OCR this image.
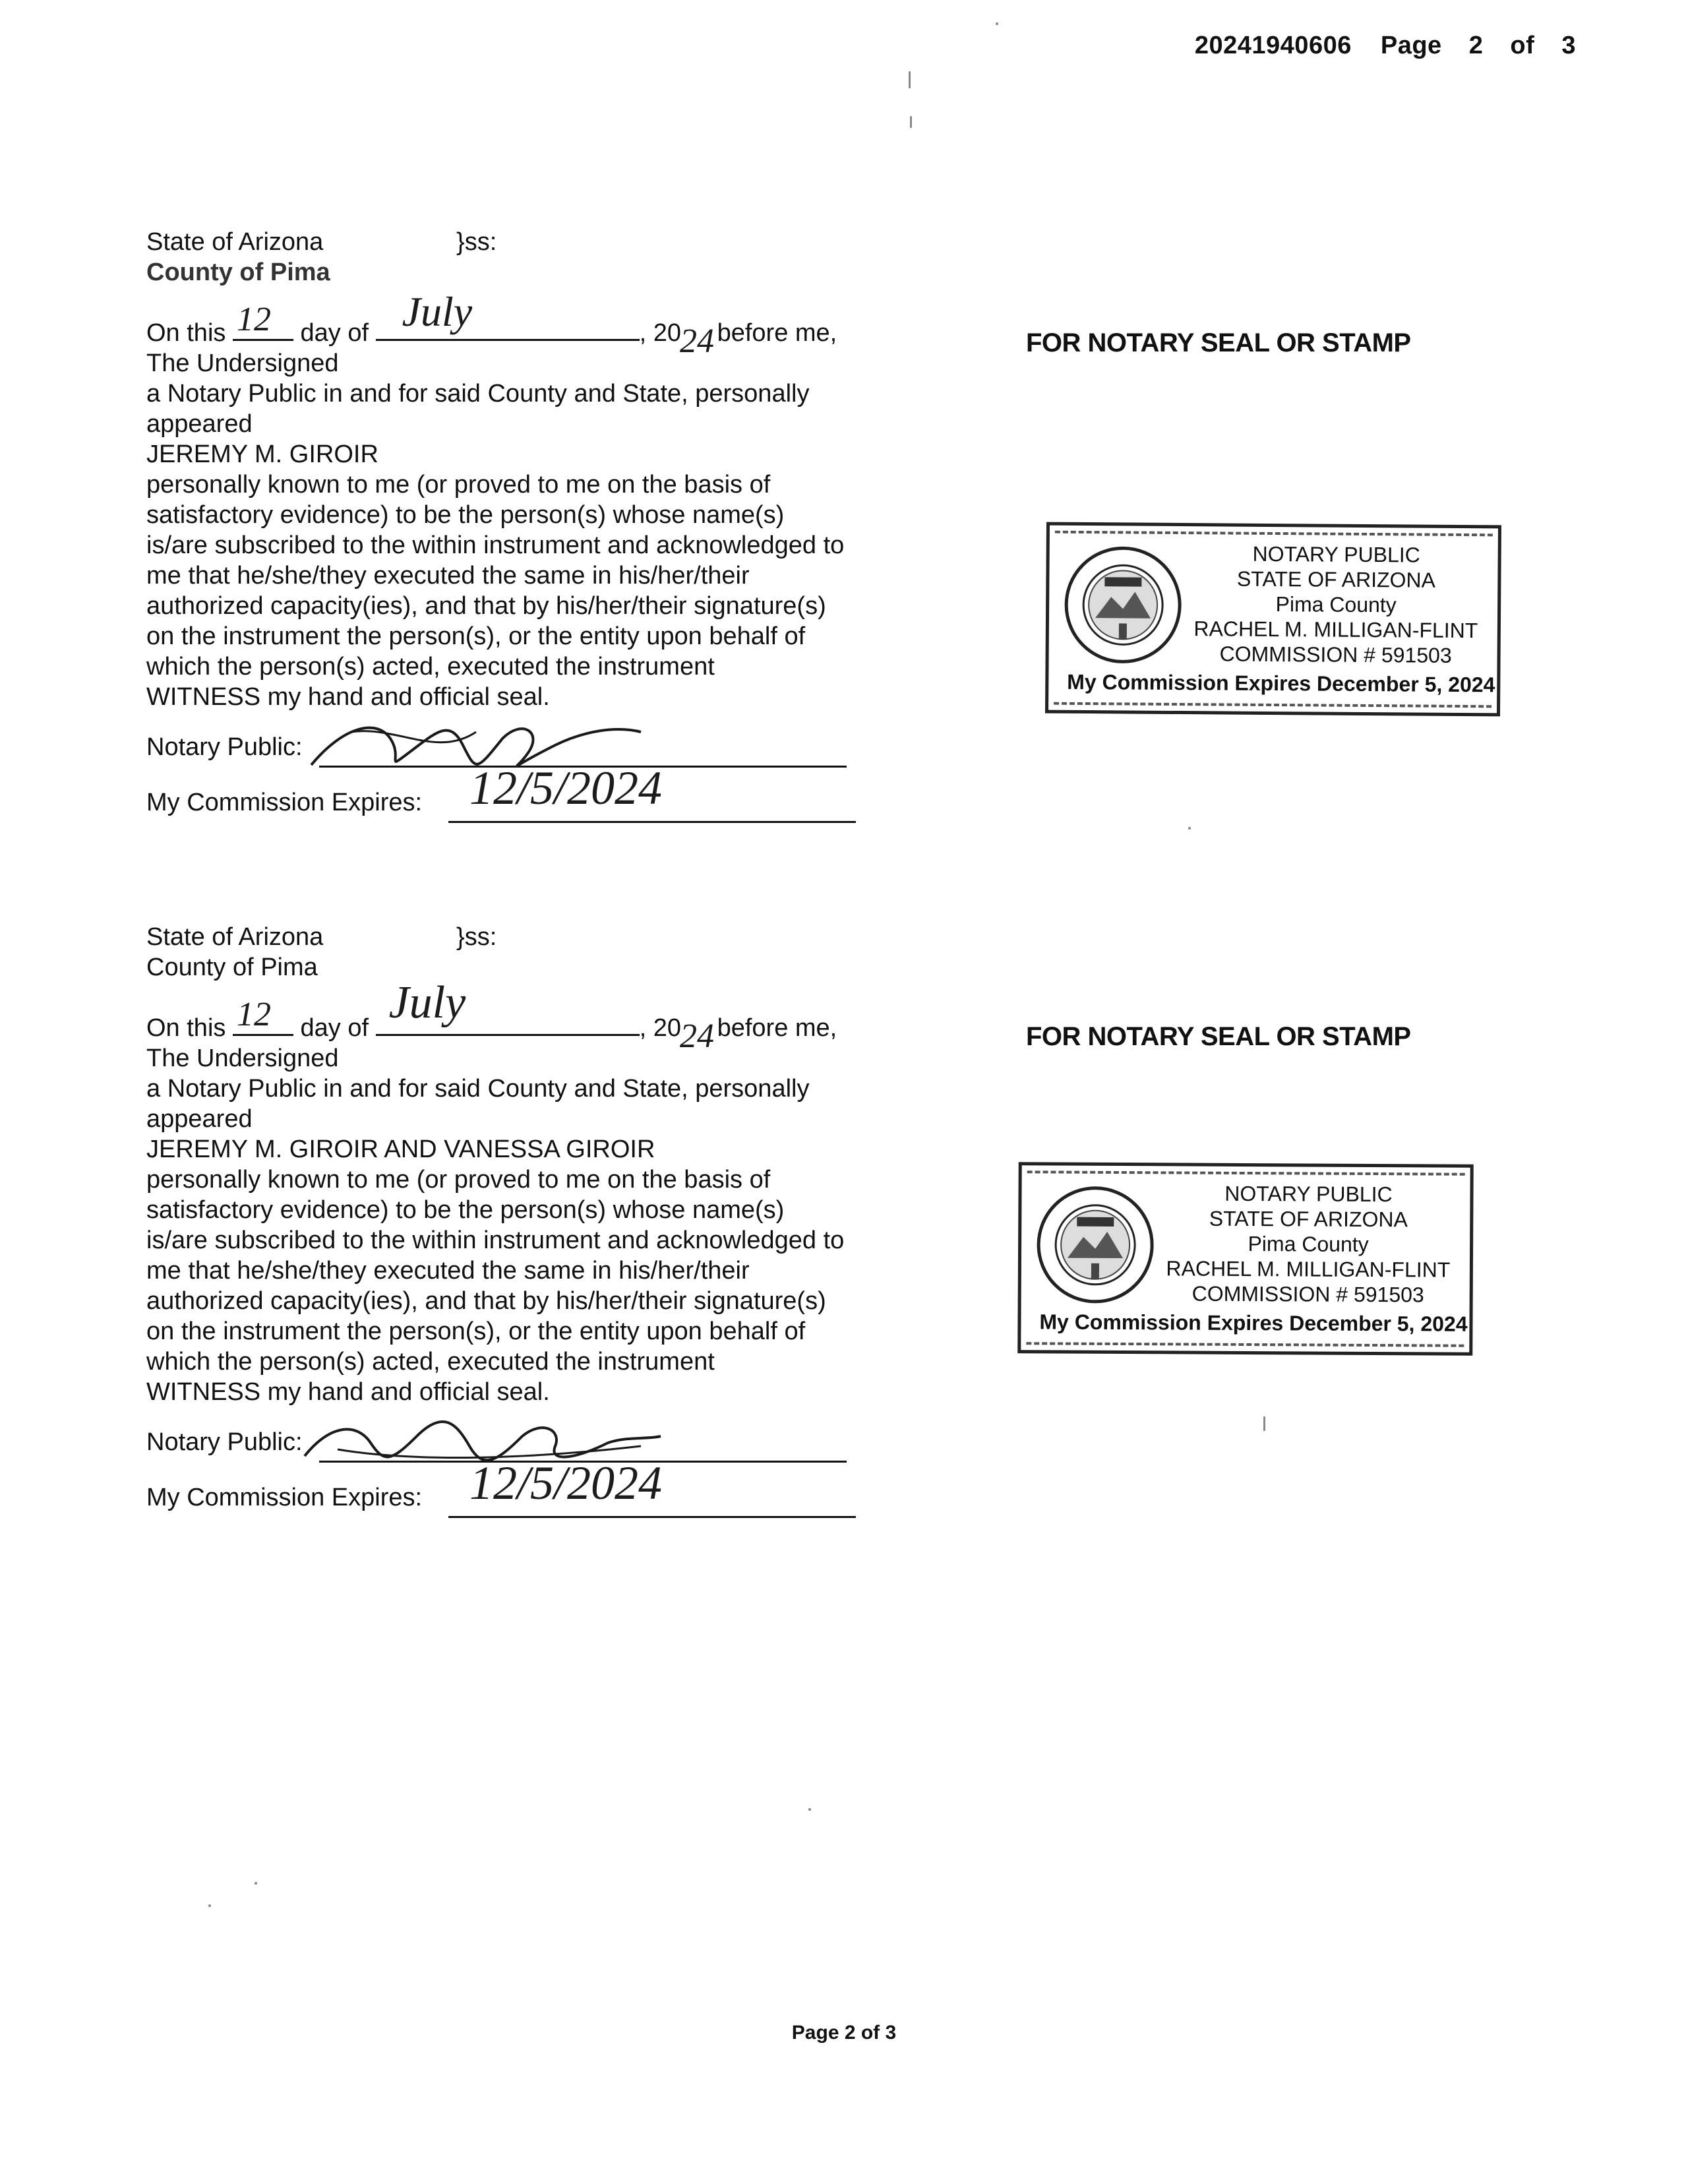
20241940606 Page 2 of 3
State of Arizona	}ss:
County of Pima
On this 12 day of July	, 20
24 before me,
The Undersigned
a Notary Public in and for said County and State, personally
appeared
JEREMY M. GIROIR
personally known to me (or proved to me on the basis of
satisfactory evidence) to be the person(s) whose name(s)
is/are subscribed to the within instrument and acknowledged to
me that he/she/they executed the same in his/her/their
authorized capacity(ies), and that by his/her/their signature(s)
on the instrument the person(s), or the entity upon behalf of
which the person(s) acted, executed the instrument
WITNESS my hand and official seal.
Notary Public:
My Commission Expires: 12/5/2024
FOR NOTARY SEAL OR STAMP
NOTARY PUBLIC
STATE OF ARIZONA
Pima County
RACHEL M. MILLIGAN-FLINT
COMMISSION # 591503
My Commission Expires December 5, 2024
State of Arizona	}ss:
County of Pima
On this 12 day of July	, 20
24 before me,
The Undersigned
a Notary Public in and for said County and State, personally
appeared
JEREMY M. GIROIR AND VANESSA GIROIR
personally known to me (or proved to me on the basis of
satisfactory evidence) to be the person(s) whose name(s)
is/are subscribed to the within instrument and acknowledged to
me that he/she/they executed the same in his/her/their
authorized capacity(ies), and that by his/her/their signature(s)
on the instrument the person(s), or the entity upon behalf of
which the person(s) acted, executed the instrument
WITNESS my hand and official seal.
Notary Public:
My Commission Expires: 12/5/2024
FOR NOTARY SEAL OR STAMP
NOTARY PUBLIC
STATE OF ARIZONA
Pima County
RACHEL M. MILLIGAN-FLINT
COMMISSION # 591503
My Commission Expires December 5, 2024
Page 2 of 3
